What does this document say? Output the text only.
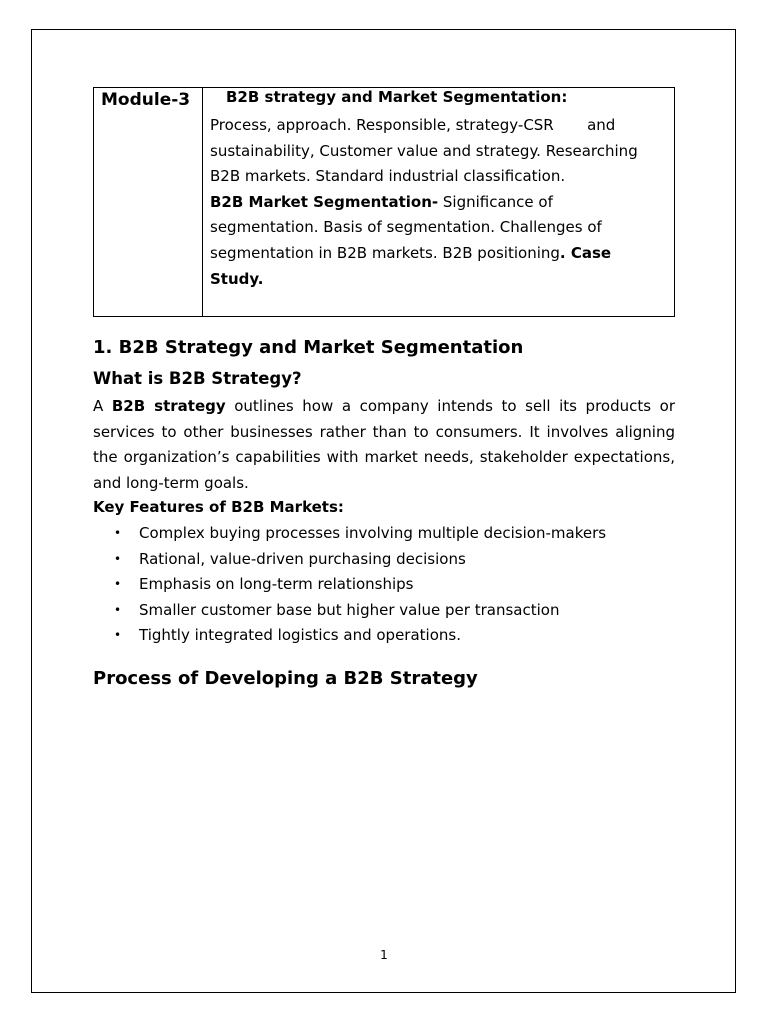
Module-3	B2B strategy and Market Segmentation:
Process, approach. Responsible, strategy-CSR       and sustainability, Customer value and strategy. Researching B2B markets. Standard industrial classification.
B2B Market Segmentation- Significance of segmentation. Basis of segmentation. Challenges of segmentation in B2B markets. B2B positioning. Case Study.
1. B2B Strategy and Market Segmentation
What is B2B Strategy?

A B2B strategy outlines how a company intends to sell its products or services to other businesses rather than to consumers. It involves aligning the organization’s capabilities with market needs, stakeholder expectations, and long-term goals.

Key Features of B2B Markets:
• Complex buying processes involving multiple decision-makers
• Rational, value-driven purchasing decisions
• Emphasis on long-term relationships
• Smaller customer base but higher value per transaction
• Tightly integrated logistics and operations.
Process of Developing a B2B Strategy
1
